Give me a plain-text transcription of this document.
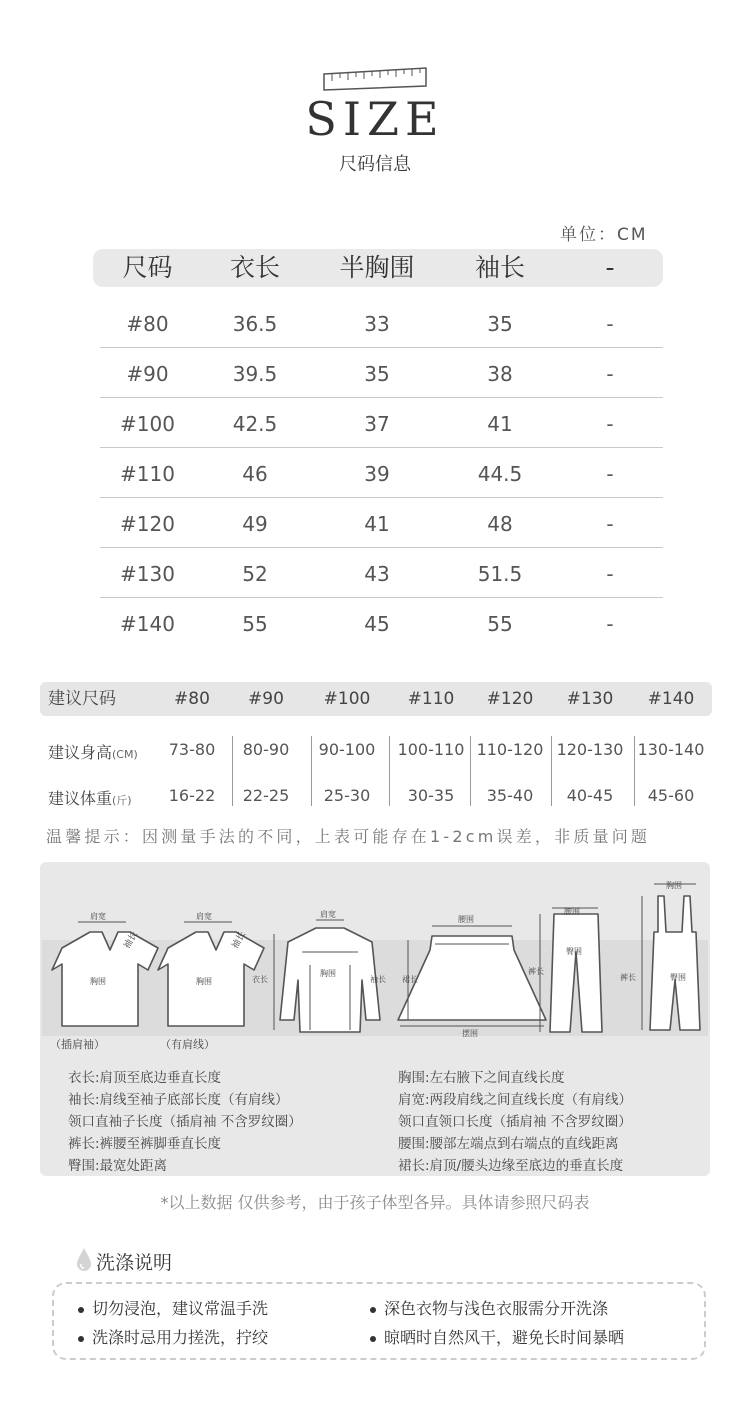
SIZE
尺码信息
单位：CM
尺码	衣长	半胸围	袖长	-
#80	36.5	33	35	-
#90	39.5	35	38	-
#100	42.5	37	41	-
#110	46	39	44.5	-
#120	49	41	48	-
#130	52	43	51.5	-
#140	55	45	55	-
建议尺码	#80	#90	#100	#110	#120	#130	#140
建议身高(CM)
建议体重(斤)
73-80	80-90	90-100	100-110 110-120 120-130 130-140
16-22	22-25	25-30	30-35	35-40	40-45	45-60
温馨提示：因测量手法的不同，上表可能存在1-2cm误差，非质量问题
肩宽
胸围
肩宽
胸围
肩宽
胸围
衣长	袖长
腰围
裙长
摆围
腰围
臀围
裤长
胸围
臀围
裤长
袖长	袖长
（插肩袖）	（有肩线）
衣长:肩顶至底边垂直长度
袖长:肩线至袖子底部长度（有肩线）
领口直袖子长度（插肩袖 不含罗纹圈）
裤长:裤腰至裤脚垂直长度
臀围:最宽处距离
胸围:左右腋下之间直线长度
肩宽:两段肩线之间直线长度（有肩线）
领口直领口长度（插肩袖 不含罗纹圈）
腰围:腰部左端点到右端点的直线距离
裙长:肩顶/腰头边缘至底边的垂直长度
*以上数据 仅供参考，由于孩子体型各异。具体请参照尺码表
洗涤说明
切勿浸泡，建议常温手洗	深色衣物与浅色衣服需分开洗涤
洗涤时忌用力搓洗，拧绞	晾晒时自然风干，避免长时间暴晒
